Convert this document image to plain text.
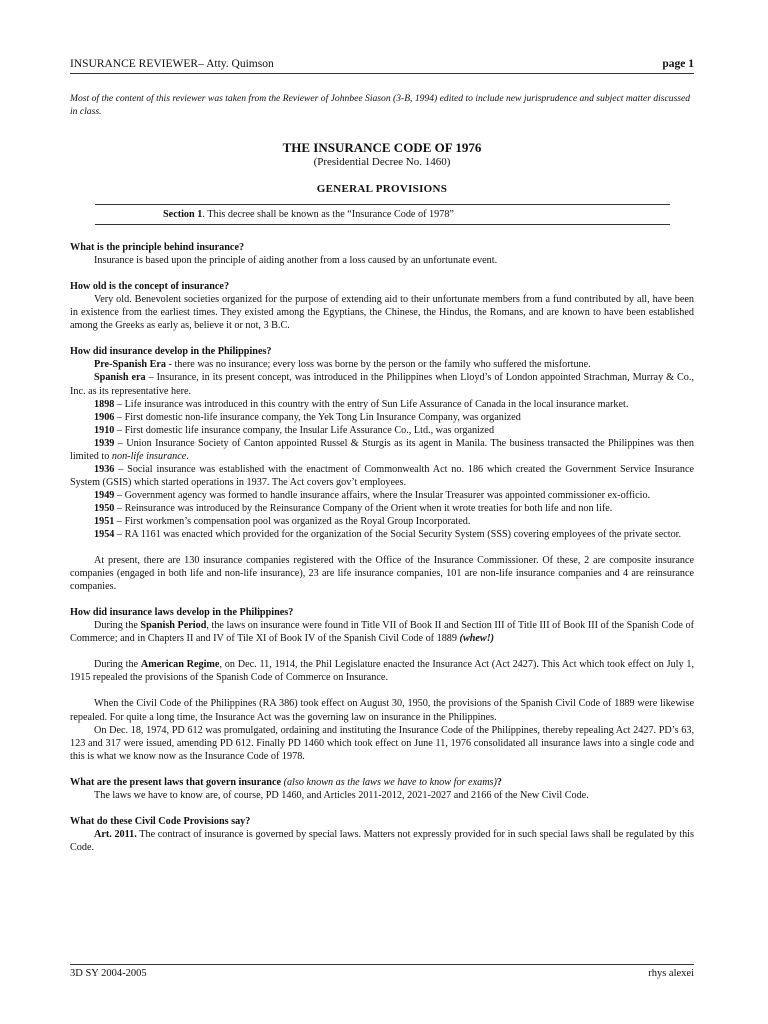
INSURANCE REVIEWER– Atty. Quimson	page 1

Most of the content of this reviewer was taken from the Reviewer of Johnbee Siason (3-B, 1994) edited to include new jurisprudence and subject matter discussed in class.

THE INSURANCE CODE OF 1976

(Presidential Decree No. 1460)

GENERAL PROVISIONS

Section 1. This decree shall be known as the “Insurance Code of 1978”

What is the principle behind insurance?

Insurance is based upon the principle of aiding another from a loss caused by an unfortunate event.

How old is the concept of insurance?

Very old. Benevolent societies organized for the purpose of extending aid to their unfortunate members from a fund contributed by all, have been in existence from the earliest times. They existed among the Egyptians, the Chinese, the Hindus, the Romans, and are known to have been established among the Greeks as early as, believe it or not, 3 B.C.

How did insurance develop in the Philippines?

Pre-Spanish Era - there was no insurance; every loss was borne by the person or the family who suffered the misfortune.

Spanish era – Insurance, in its present concept, was introduced in the Philippines when Lloyd’s of London appointed Strachman, Murray & Co., Inc. as its representative here.

1898 – Life insurance was introduced in this country with the entry of Sun Life Assurance of Canada in the local insurance market.

1906 – First domestic non-life insurance company, the Yek Tong Lin Insurance Company, was organized

1910 – First domestic life insurance company, the Insular Life Assurance Co., Ltd., was organized

1939 – Union Insurance Society of Canton appointed Russel & Sturgis as its agent in Manila. The business transacted the Philippines was then limited to non-life insurance.

1936 – Social insurance was established with the enactment of Commonwealth Act no. 186 which created the Government Service Insurance System (GSIS) which started operations in 1937. The Act covers gov’t employees.

1949 – Government agency was formed to handle insurance affairs, where the Insular Treasurer was appointed commissioner ex-officio.

1950 – Reinsurance was introduced by the Reinsurance Company of the Orient when it wrote treaties for both life and non life.

1951 – First workmen’s compensation pool was organized as the Royal Group Incorporated.

1954 – RA 1161 was enacted which provided for the organization of the Social Security System (SSS) covering employees of the private sector.

At present, there are 130 insurance companies registered with the Office of the Insurance Commissioner. Of these, 2 are composite insurance companies (engaged in both life and non-life insurance), 23 are life insurance companies, 101 are non-life insurance companies and 4 are reinsurance companies.

How did insurance laws develop in the Philippines?

During the Spanish Period, the laws on insurance were found in Title VII of Book II and Section III of Title III of Book III of the Spanish Code of Commerce; and in Chapters II and IV of Tile XI of Book IV of the Spanish Civil Code of 1889 (whew!)

During the American Regime, on Dec. 11, 1914, the Phil Legislature enacted the Insurance Act (Act 2427). This Act which took effect on July 1, 1915 repealed the provisions of the Spanish Code of Commerce on Insurance.

When the Civil Code of the Philippines (RA 386) took effect on August 30, 1950, the provisions of the Spanish Civil Code of 1889 were likewise repealed. For quite a long time, the Insurance Act was the governing law on insurance in the Philippines.

On Dec. 18, 1974, PD 612 was promulgated, ordaining and instituting the Insurance Code of the Philippines, thereby repealing Act 2427. PD’s 63, 123 and 317 were issued, amending PD 612. Finally PD 1460 which took effect on June 11, 1976 consolidated all insurance laws into a single code and this is what we know now as the Insurance Code of 1978.

What are the present laws that govern insurance (also known as the laws we have to know for exams)?

The laws we have to know are, of course, PD 1460, and Articles 2011-2012, 2021-2027 and 2166 of the New Civil Code.

What do these Civil Code Provisions say?

Art. 2011. The contract of insurance is governed by special laws. Matters not expressly provided for in such special laws shall be regulated by this Code.

3D SY 2004-2005	rhys alexei
